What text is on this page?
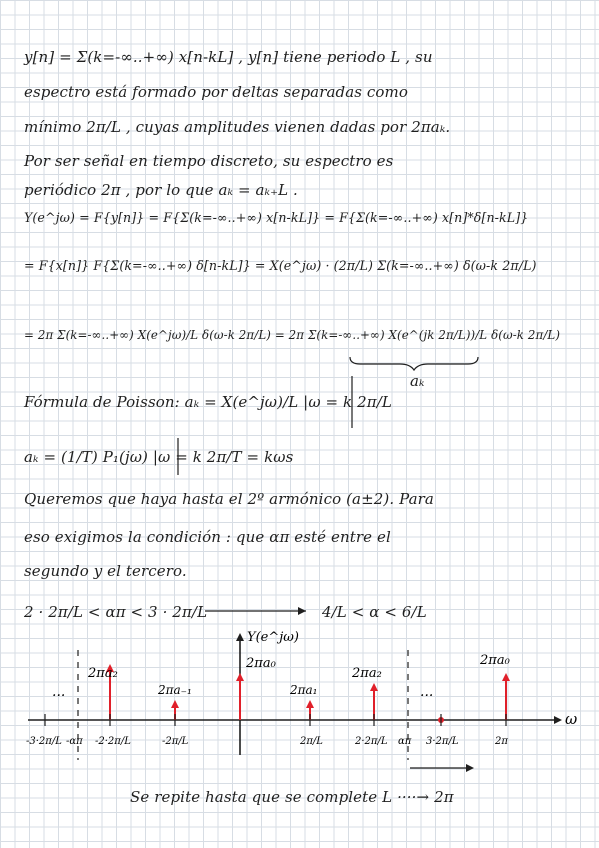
y[n] = Σ(k=-∞..+∞) x[n-kL] , y[n] tiene periodo L , su
espectro está formado por deltas separadas como
mínimo 2π/L , cuyas amplitudes vienen dadas por 2πaₖ.
Por ser señal en tiempo discreto, su espectro es
periódico 2π , por lo que aₖ = aₖ₊L .
Y(e^jω) = F{y[n]} = F{Σ(k=-∞..+∞) x[n-kL]} = F{Σ(k=-∞..+∞) x[n]*δ[n-kL]}
= F{x[n]} F{Σ(k=-∞..+∞) δ[n-kL]} = X(e^jω) · (2π/L) Σ(k=-∞..+∞) δ(ω-k 2π/L)
= 2π Σ(k=-∞..+∞) X(e^jω)/L δ(ω-k 2π/L) = 2π Σ(k=-∞..+∞) X(e^(jk 2π/L))/L δ(ω-k 2π/L)
aₖ
Fórmula de Poisson: aₖ = X(e^jω)/L |ω = k 2π/L
aₖ = (1/T) P₁(jω) |ω = k 2π/T = kωs
Queremos que haya hasta el 2º armónico (a±2). Para
eso exigimos la condición : que απ esté entre el
segundo y el tercero.
2 · 2π/L < απ < 3 · 2π/L	4/L < α < 6/L
ω
Y(e^jω)
2πa₂
2πa₋₁
2πa₀
2πa₁
2πa₂
2πa₀
...	...
-3·2π/L -απ -2·2π/L	-2π/L	2π/L	2·2π/L απ 3·2π/L	2π
Se repite hasta que se complete L ····→ 2π
